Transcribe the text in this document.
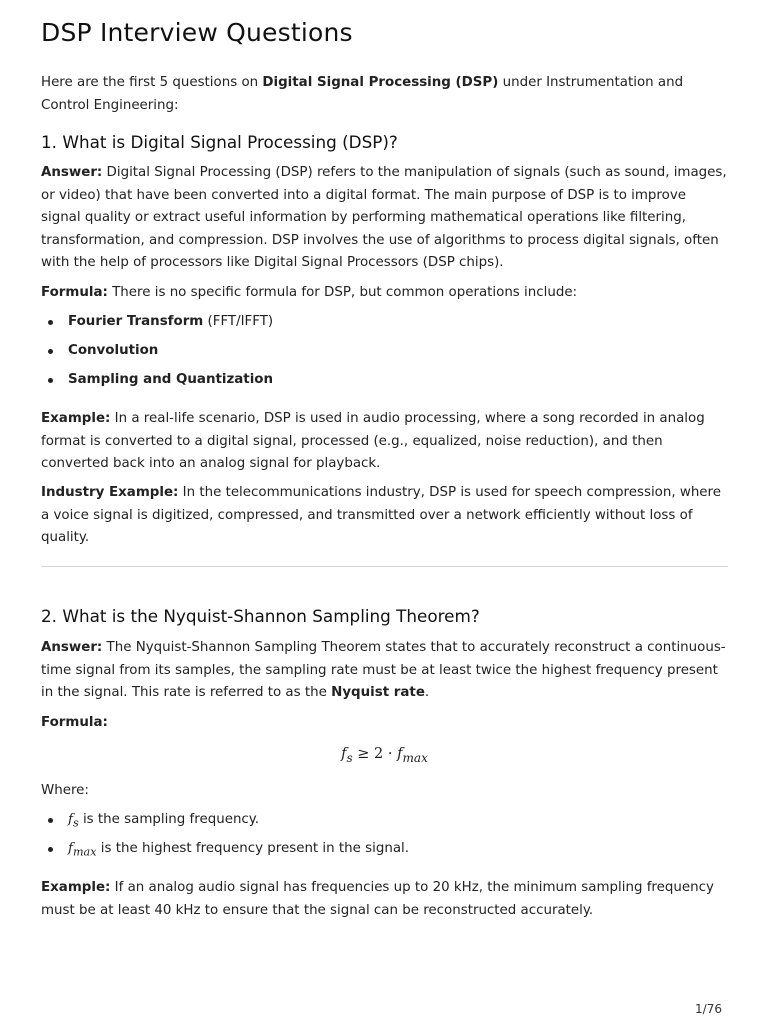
DSP Interview Questions

Here are the first 5 questions on Digital Signal Processing (DSP) under Instrumentation and Control Engineering:

1. What is Digital Signal Processing (DSP)?

Answer: Digital Signal Processing (DSP) refers to the manipulation of signals (such as sound, images, or video) that have been converted into a digital format. The main purpose of DSP is to improve signal quality or extract useful information by performing mathematical operations like filtering, transformation, and compression. DSP involves the use of algorithms to process digital signals, often with the help of processors like Digital Signal Processors (DSP chips).

Formula: There is no specific formula for DSP, but common operations include:

Fourier Transform (FFT/IFFT)
Convolution
Sampling and Quantization

Example: In a real-life scenario, DSP is used in audio processing, where a song recorded in analog format is converted to a digital signal, processed (e.g., equalized, noise reduction), and then converted back into an analog signal for playback.

Industry Example: In the telecommunications industry, DSP is used for speech compression, where a voice signal is digitized, compressed, and transmitted over a network efficiently without loss of quality.

2. What is the Nyquist-Shannon Sampling Theorem?

Answer: The Nyquist-Shannon Sampling Theorem states that to accurately reconstruct a continuous-time signal from its samples, the sampling rate must be at least twice the highest frequency present in the signal. This rate is referred to as the Nyquist rate.

Formula:

$f_s \ge 2 \cdot f_{max}$

Where:

$f_s$ is the sampling frequency.
$f_{max}$ is the highest frequency present in the signal.

Example: If an analog audio signal has frequencies up to 20 kHz, the minimum sampling frequency must be at least 40 kHz to ensure that the signal can be reconstructed accurately.

1/76
